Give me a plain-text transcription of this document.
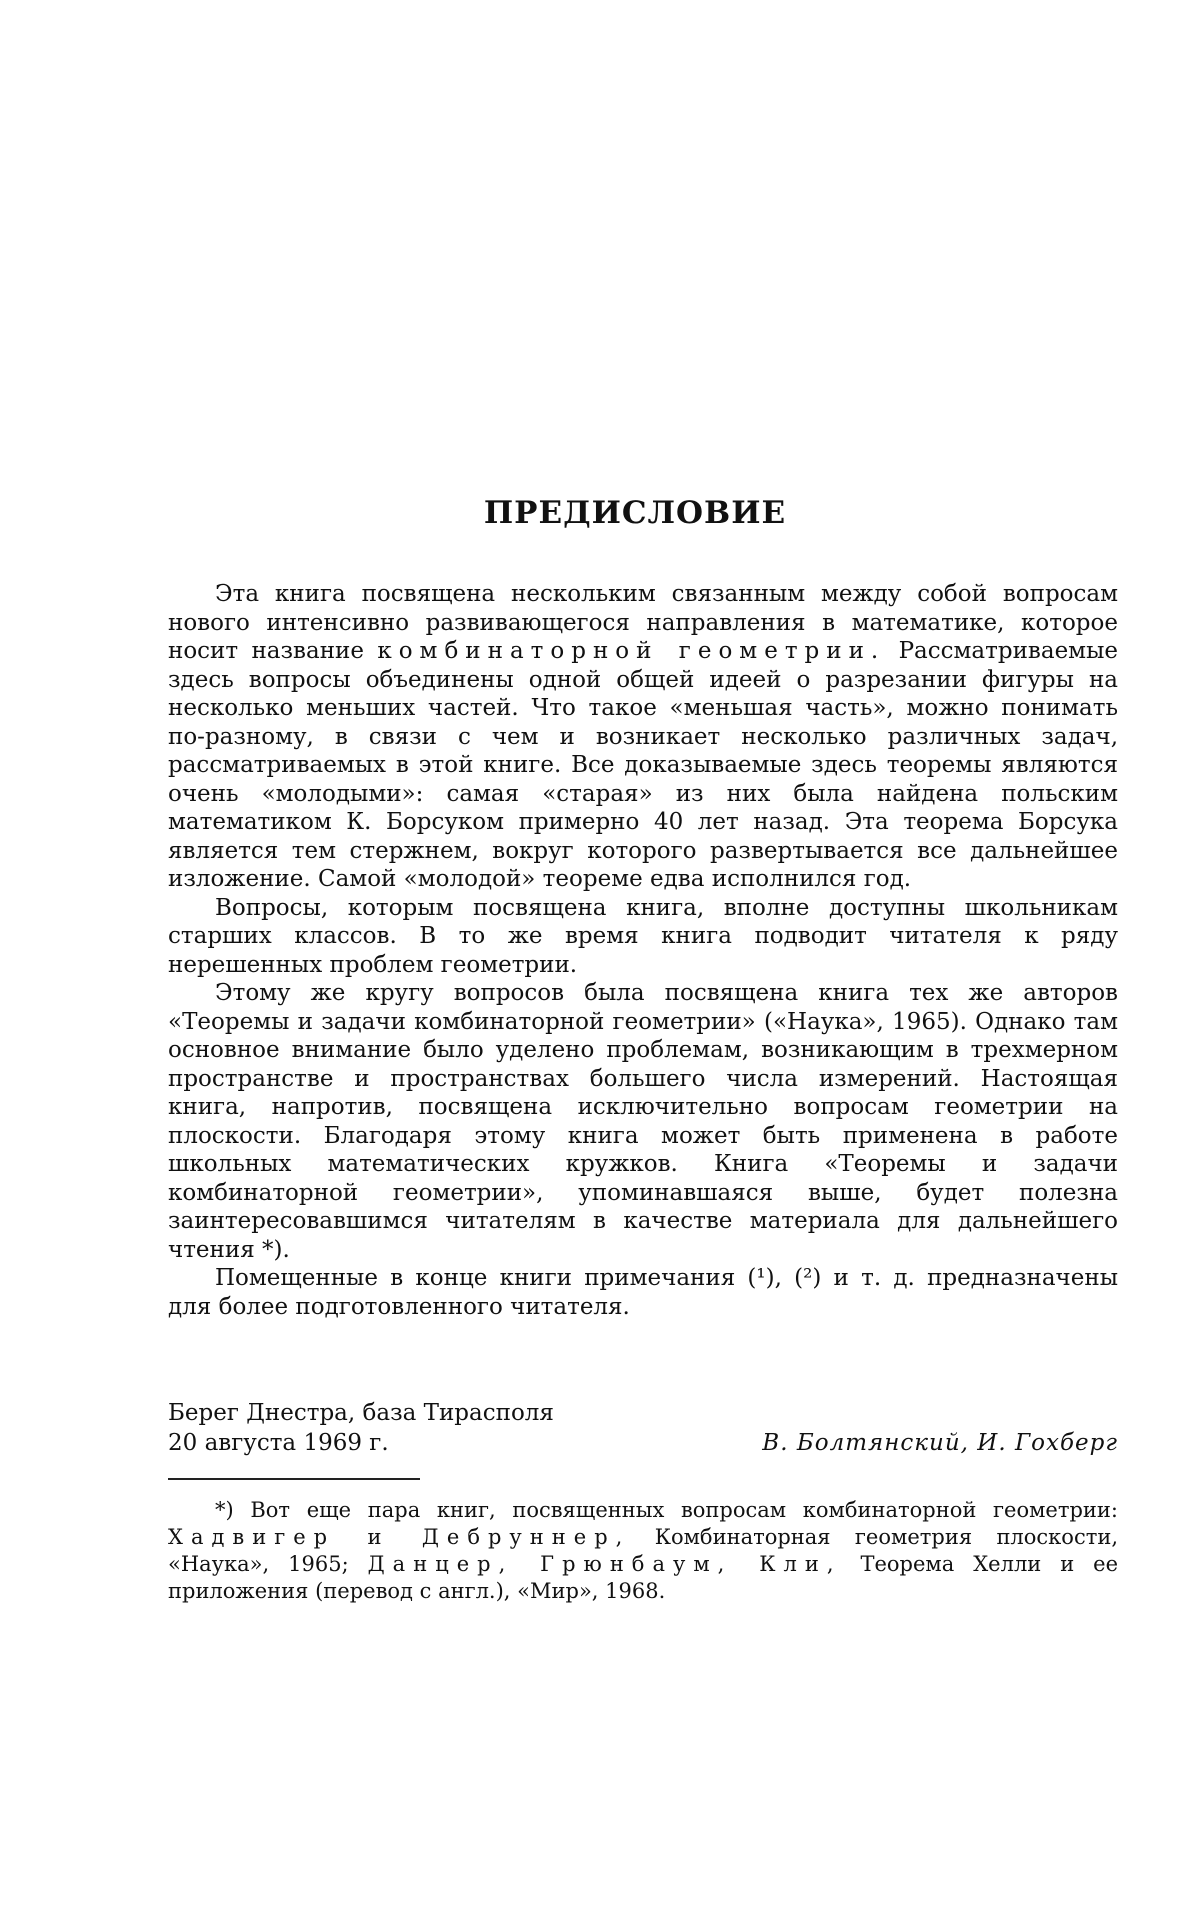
ПРЕДИСЛОВИЕ

Эта книга посвящена нескольким связанным между собой вопросам нового интенсивно развивающегося направления в математике, которое носит название комбинаторной геометрии. Рассматриваемые здесь вопросы объединены одной общей идеей о разрезании фигуры на несколько меньших частей. Что такое «меньшая часть», можно понимать по-разному, в связи с чем и возникает несколько различных задач, рассматриваемых в этой книге. Все доказываемые здесь теоремы являются очень «молодыми»: самая «старая» из них была найдена польским математиком К. Борсуком примерно 40 лет назад. Эта теорема Борсука является тем стержнем, вокруг которого развертывается все дальнейшее изложение. Самой «молодой» теореме едва исполнился год.

Вопросы, которым посвящена книга, вполне доступны школьникам старших классов. В то же время книга подводит читателя к ряду нерешенных проблем геометрии.

Этому же кругу вопросов была посвящена книга тех же авторов «Теоремы и задачи комбинаторной геометрии» («Наука», 1965). Однако там основное внимание было уделено проблемам, возникающим в трехмерном пространстве и пространствах большего числа измерений. Настоящая книга, напротив, посвящена исключительно вопросам геометрии на плоскости. Благодаря этому книга может быть применена в работе школьных математических кружков. Книга «Теоремы и задачи комбинаторной геометрии», упоминавшаяся выше, будет полезна заинтересовавшимся читателям в качестве материала для дальнейшего чтения *).

Помещенные в конце книги примечания (¹), (²) и т. д. предназначены для более подготовленного читателя.

Берег Днестра, база Тирасполя
20 августа 1969 г.	В. Болтянский, И. Гохберг

*) Вот еще пара книг, посвященных вопросам комбинаторной геометрии: Хадвигер и Дебруннер, Комбинаторная геометрия плоскости, «Наука», 1965; Данцер, Грюнбаум, Кли, Теорема Хелли и ее приложения (перевод с англ.), «Мир», 1968.
